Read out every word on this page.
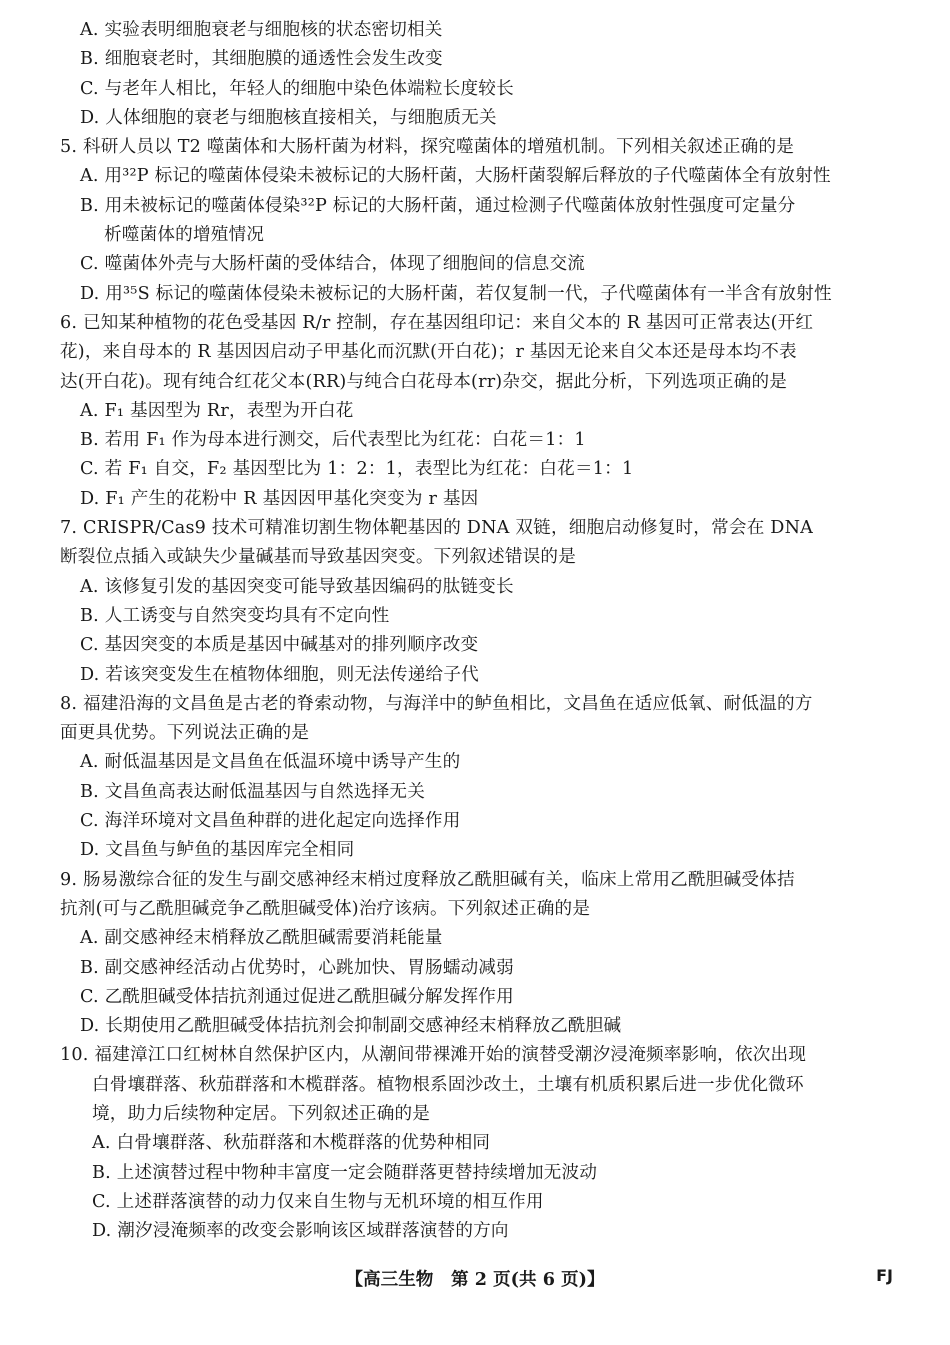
A. 实验表明细胞衰老与细胞核的状态密切相关
B. 细胞衰老时，其细胞膜的通透性会发生改变
C. 与老年人相比，年轻人的细胞中染色体端粒长度较长
D. 人体细胞的衰老与细胞核直接相关，与细胞质无关
5. 科研人员以 T2 噬菌体和大肠杆菌为材料，探究噬菌体的增殖机制。下列相关叙述正确的是
A. 用³²P 标记的噬菌体侵染未被标记的大肠杆菌，大肠杆菌裂解后释放的子代噬菌体全有放射性
B. 用未被标记的噬菌体侵染³²P 标记的大肠杆菌，通过检测子代噬菌体放射性强度可定量分
析噬菌体的增殖情况
C. 噬菌体外壳与大肠杆菌的受体结合，体现了细胞间的信息交流
D. 用³⁵S 标记的噬菌体侵染未被标记的大肠杆菌，若仅复制一代，子代噬菌体有一半含有放射性
6. 已知某种植物的花色受基因 R/r 控制，存在基因组印记：来自父本的 R 基因可正常表达(开红
花)，来自母本的 R 基因因启动子甲基化而沉默(开白花)；r 基因无论来自父本还是母本均不表
达(开白花)。现有纯合红花父本(RR)与纯合白花母本(rr)杂交，据此分析，下列选项正确的是
A. F₁ 基因型为 Rr，表型为开白花
B. 若用 F₁ 作为母本进行测交，后代表型比为红花：白花＝1：1
C. 若 F₁ 自交，F₂ 基因型比为 1：2：1，表型比为红花：白花＝1：1
D. F₁ 产生的花粉中 R 基因因甲基化突变为 r 基因
7. CRISPR/Cas9 技术可精准切割生物体靶基因的 DNA 双链，细胞启动修复时，常会在 DNA
断裂位点插入或缺失少量碱基而导致基因突变。下列叙述错误的是
A. 该修复引发的基因突变可能导致基因编码的肽链变长
B. 人工诱变与自然突变均具有不定向性
C. 基因突变的本质是基因中碱基对的排列顺序改变
D. 若该突变发生在植物体细胞，则无法传递给子代
8. 福建沿海的文昌鱼是古老的脊索动物，与海洋中的鲈鱼相比，文昌鱼在适应低氧、耐低温的方
面更具优势。下列说法正确的是
A. 耐低温基因是文昌鱼在低温环境中诱导产生的
B. 文昌鱼高表达耐低温基因与自然选择无关
C. 海洋环境对文昌鱼种群的进化起定向选择作用
D. 文昌鱼与鲈鱼的基因库完全相同
9. 肠易激综合征的发生与副交感神经末梢过度释放乙酰胆碱有关，临床上常用乙酰胆碱受体拮
抗剂(可与乙酰胆碱竞争乙酰胆碱受体)治疗该病。下列叙述正确的是
A. 副交感神经末梢释放乙酰胆碱需要消耗能量
B. 副交感神经活动占优势时，心跳加快、胃肠蠕动减弱
C. 乙酰胆碱受体拮抗剂通过促进乙酰胆碱分解发挥作用
D. 长期使用乙酰胆碱受体拮抗剂会抑制副交感神经末梢释放乙酰胆碱
10. 福建漳江口红树林自然保护区内，从潮间带裸滩开始的演替受潮汐浸淹频率影响，依次出现
白骨壤群落、秋茄群落和木榄群落。植物根系固沙改土，土壤有机质积累后进一步优化微环
境，助力后续物种定居。下列叙述正确的是
A. 白骨壤群落、秋茄群落和木榄群落的优势种相同
B. 上述演替过程中物种丰富度一定会随群落更替持续增加无波动
C. 上述群落演替的动力仅来自生物与无机环境的相互作用
D. 潮汐浸淹频率的改变会影响该区域群落演替的方向
【高三生物　第 2 页(共 6 页)】	FJ
